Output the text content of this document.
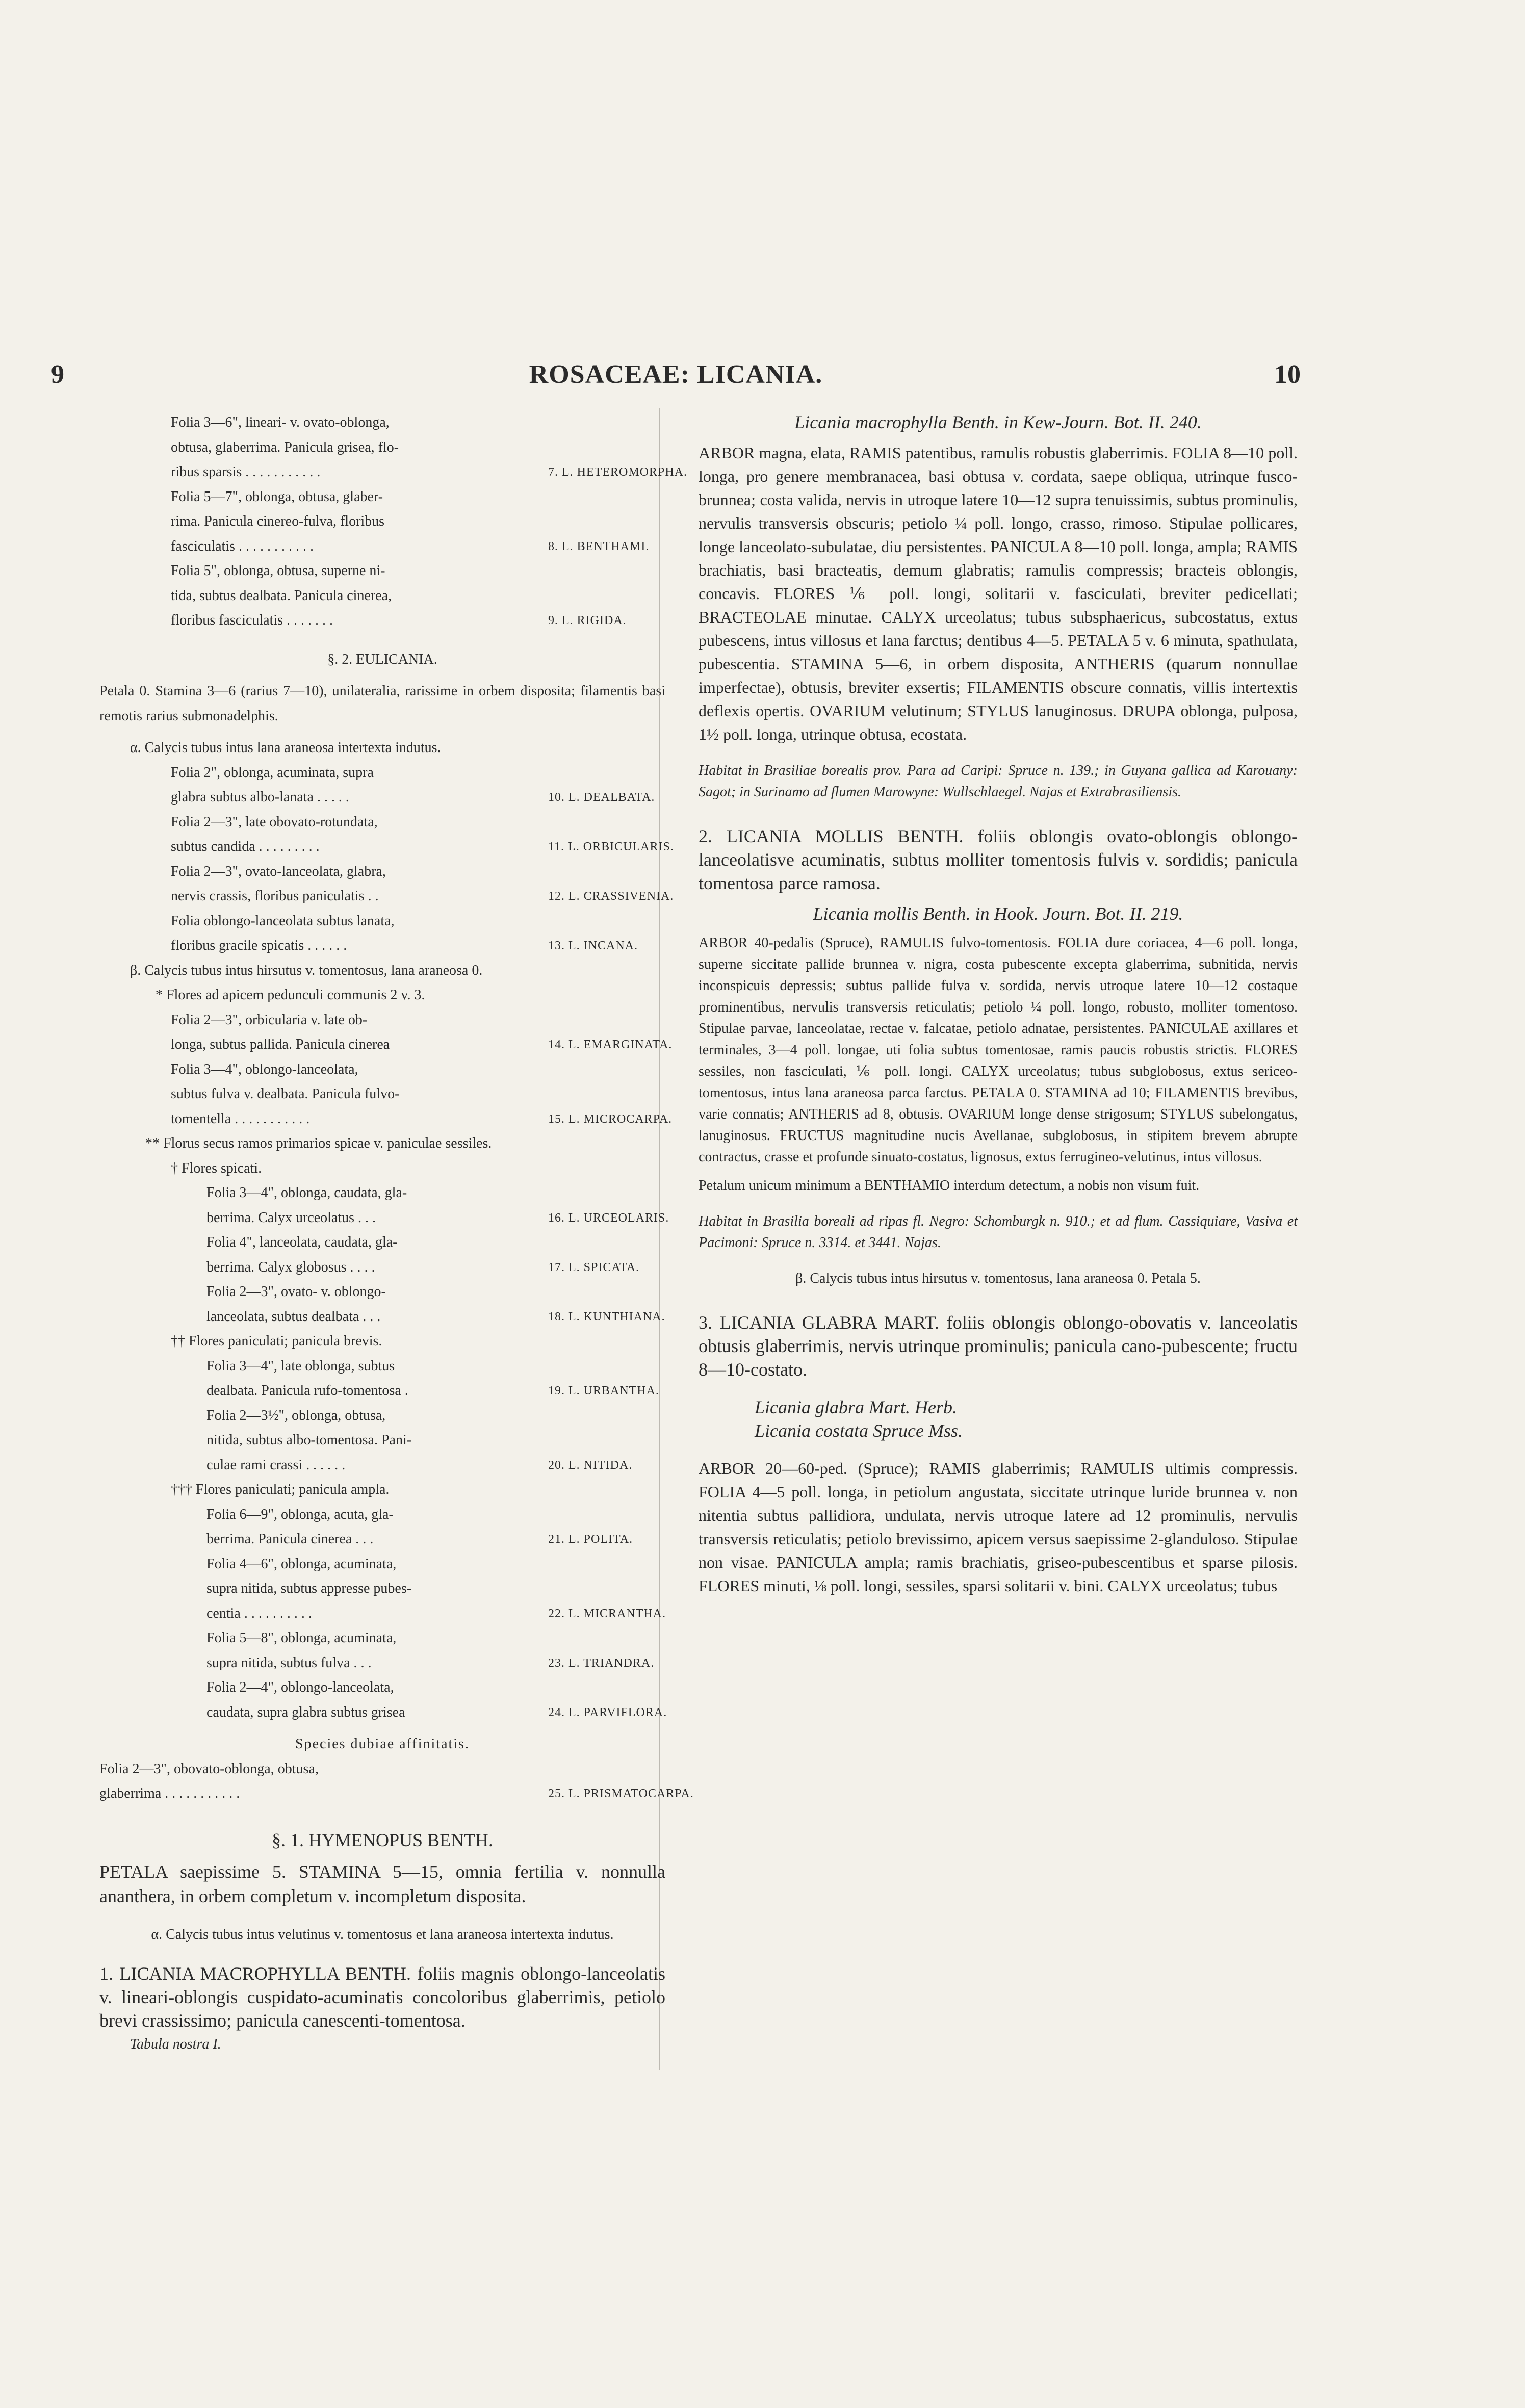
9	ROSACEAE: LICANIA.	10
Folia 3—6", lineari- v. ovato-oblonga,
obtusa, glaberrima. Panicula grisea, flo-
ribus sparsis . . . . . . . . . . .	7. L. HETEROMORPHA.
Folia 5—7", oblonga, obtusa, glaber-
rima. Panicula cinereo-fulva, floribus
fasciculatis . . . . . . . . . . .	8. L. BENTHAMI.
Folia 5", oblonga, obtusa, superne ni-
tida, subtus dealbata. Panicula cinerea,
floribus fasciculatis . . . . . . .	9. L. RIGIDA.

§. 2. EULICANIA.

Petala 0. Stamina 3—6 (rarius 7—10), unilateralia, rarissime in orbem disposita; filamentis basi remotis rarius submonadelphis.

α. Calycis tubus intus lana araneosa intertexta indutus.

Folia 2", oblonga, acuminata, supra
glabra subtus albo-lanata . . . . .	10. L. DEALBATA.
Folia 2—3", late obovato-rotundata,
subtus candida . . . . . . . . .	11. L. ORBICULARIS.
Folia 2—3", ovato-lanceolata, glabra,
nervis crassis, floribus paniculatis . .	12. L. CRASSIVENIA.
Folia oblongo-lanceolata subtus lanata,
floribus gracile spicatis . . . . . .	13. L. INCANA.

β. Calycis tubus intus hirsutus v. tomentosus, lana araneosa 0.

* Flores ad apicem pedunculi communis 2 v. 3.

Folia 2—3", orbicularia v. late ob-
longa, subtus pallida. Panicula cinerea	14. L. EMARGINATA.
Folia 3—4", oblongo-lanceolata,
subtus fulva v. dealbata. Panicula fulvo-
tomentella . . . . . . . . . . .	15. L. MICROCARPA.

** Florus secus ramos primarios spicae v. paniculae sessiles.

† Flores spicati.

Folia 3—4", oblonga, caudata, gla-
berrima. Calyx urceolatus . . .	16. L. URCEOLARIS.
Folia 4", lanceolata, caudata, gla-
berrima. Calyx globosus . . . .	17. L. SPICATA.
Folia 2—3", ovato- v. oblongo-
lanceolata, subtus dealbata . . .	18. L. KUNTHIANA.

†† Flores paniculati; panicula brevis.

Folia 3—4", late oblonga, subtus
dealbata. Panicula rufo-tomentosa .	19. L. URBANTHA.
Folia 2—3½", oblonga, obtusa,
nitida, subtus albo-tomentosa. Pani-
culae rami crassi . . . . . .	20. L. NITIDA.

††† Flores paniculati; panicula ampla.

Folia 6—9", oblonga, acuta, gla-
berrima. Panicula cinerea . . .	21. L. POLITA.
Folia 4—6", oblonga, acuminata,
supra nitida, subtus appresse pubes-
centia . . . . . . . . . .	22. L. MICRANTHA.
Folia 5—8", oblonga, acuminata,
supra nitida, subtus fulva . . .	23. L. TRIANDRA.
Folia 2—4", oblongo-lanceolata,
caudata, supra glabra subtus grisea	24. L. PARVIFLORA.

Species dubiae affinitatis.

Folia 2—3", obovato-oblonga, obtusa,
glaberrima . . . . . . . . . . .	25. L. PRISMATOCARPA.

§. 1. HYMENOPUS BENTH.

PETALA saepissime 5. STAMINA 5—15, omnia fertilia v. nonnulla ananthera, in orbem completum v. incompletum disposita.

α. Calycis tubus intus velutinus v. tomentosus et lana araneosa intertexta indutus.

1. LICANIA MACROPHYLLA BENTH. foliis magnis oblongo-lanceolatis v. lineari-oblongis cuspidato-acuminatis concoloribus glaberrimis, petiolo brevi crassissimo; panicula canescenti-tomentosa.

Tabula nostra I.

Licania macrophylla Benth. in Kew-Journ. Bot. II. 240.

ARBOR magna, elata, RAMIS patentibus, ramulis robustis glaberrimis. FOLIA 8—10 poll. longa, pro genere membranacea, basi obtusa v. cordata, saepe obliqua, utrinque fusco-brunnea; costa valida, nervis in utroque latere 10—12 supra tenuissimis, subtus prominulis, nervulis transversis obscuris; petiolo ¼ poll. longo, crasso, rimoso. Stipulae pollicares, longe lanceolato-subulatae, diu persistentes. PANICULA 8—10 poll. longa, ampla; RAMIS brachiatis, basi bracteatis, demum glabratis; ramulis compressis; bracteis oblongis, concavis. FLORES ⅙ poll. longi, solitarii v. fasciculati, breviter pedicellati; BRACTEOLAE minutae. CALYX urceolatus; tubus subsphaericus, subcostatus, extus pubescens, intus villosus et lana farctus; dentibus 4—5. PETALA 5 v. 6 minuta, spathulata, pubescentia. STAMINA 5—6, in orbem disposita, ANTHERIS (quarum nonnullae imperfectae), obtusis, breviter exsertis; FILAMENTIS obscure connatis, villis intertextis deflexis opertis. OVARIUM velutinum; STYLUS lanuginosus. DRUPA oblonga, pulposa, 1½ poll. longa, utrinque obtusa, ecostata.

Habitat in Brasiliae borealis prov. Para ad Caripi: Spruce n. 139.; in Guyana gallica ad Karouany: Sagot; in Surinamo ad flumen Marowyne: Wullschlaegel. Najas et Extrabrasiliensis.

2. LICANIA MOLLIS BENTH. foliis oblongis ovato-oblongis oblongo-lanceolatisve acuminatis, subtus molliter tomentosis fulvis v. sordidis; panicula tomentosa parce ramosa.

Licania mollis Benth. in Hook. Journ. Bot. II. 219.

ARBOR 40-pedalis (Spruce), RAMULIS fulvo-tomentosis. FOLIA dure coriacea, 4—6 poll. longa, superne siccitate pallide brunnea v. nigra, costa pubescente excepta glaberrima, subnitida, nervis inconspicuis depressis; subtus pallide fulva v. sordida, nervis utroque latere 10—12 costaque prominentibus, nervulis transversis reticulatis; petiolo ¼ poll. longo, robusto, molliter tomentoso. Stipulae parvae, lanceolatae, rectae v. falcatae, petiolo adnatae, persistentes. PANICULAE axillares et terminales, 3—4 poll. longae, uti folia subtus tomentosae, ramis paucis robustis strictis. FLORES sessiles, non fasciculati, ⅙ poll. longi. CALYX urceolatus; tubus subglobosus, extus sericeo-tomentosus, intus lana araneosa parca farctus. PETALA 0. STAMINA ad 10; FILAMENTIS brevibus, varie connatis; ANTHERIS ad 8, obtusis. OVARIUM longe dense strigosum; STYLUS subelongatus, lanuginosus. FRUCTUS magnitudine nucis Avellanae, subglobosus, in stipitem brevem abrupte contractus, crasse et profunde sinuato-costatus, lignosus, extus ferrugineo-velutinus, intus villosus.

Petalum unicum minimum a BENTHAMIO interdum detectum, a nobis non visum fuit.

Habitat in Brasilia boreali ad ripas fl. Negro: Schomburgk n. 910.; et ad flum. Cassiquiare, Vasiva et Pacimoni: Spruce n. 3314. et 3441. Najas.

β. Calycis tubus intus hirsutus v. tomentosus, lana araneosa 0. Petala 5.

3. LICANIA GLABRA MART. foliis oblongis oblongo-obovatis v. lanceolatis obtusis glaberrimis, nervis utrinque prominulis; panicula cano-pubescente; fructu 8—10-costato.

Licania glabra Mart. Herb.

Licania costata Spruce Mss.

ARBOR 20—60-ped. (Spruce); RAMIS glaberrimis; RAMULIS ultimis compressis. FOLIA 4—5 poll. longa, in petiolum angustata, siccitate utrinque luride brunnea v. non nitentia subtus pallidiora, undulata, nervis utroque latere ad 12 prominulis, nervulis transversis reticulatis; petiolo brevissimo, apicem versus saepissime 2-glanduloso. Stipulae non visae. PANICULA ampla; ramis brachiatis, griseo-pubescentibus et sparse pilosis. FLORES minuti, ⅛ poll. longi, sessiles, sparsi solitarii v. bini. CALYX urceolatus; tubus
